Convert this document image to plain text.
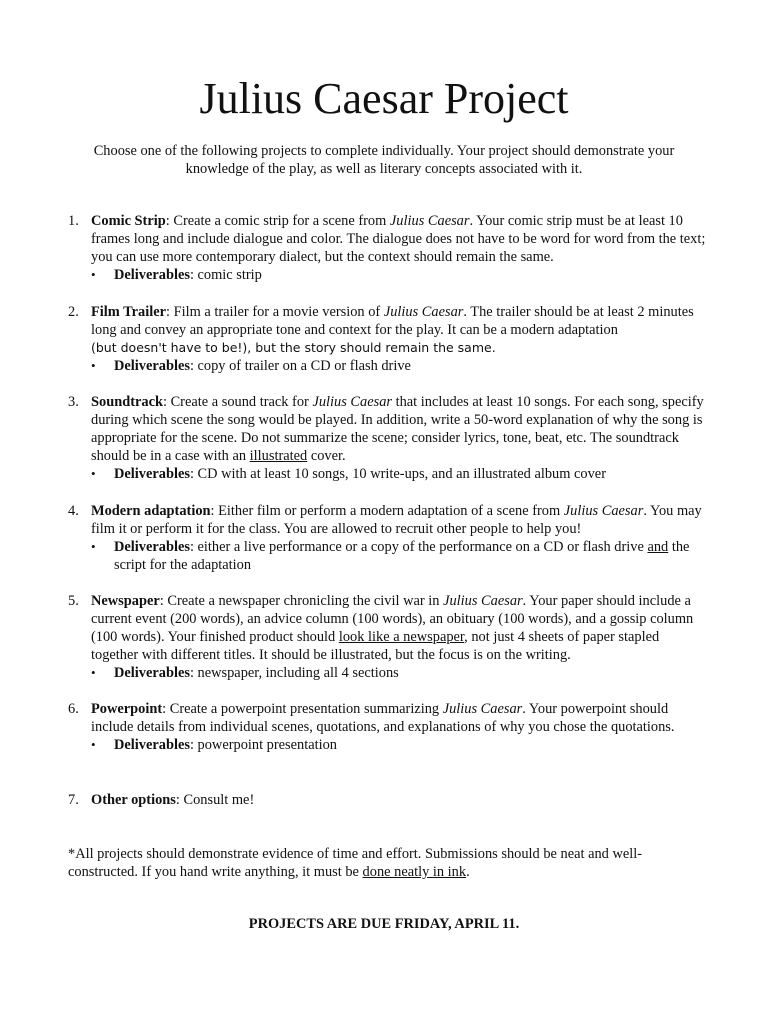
Julius Caesar Project

Choose one of the following projects to complete individually. Your project should demonstrate your knowledge of the play, as well as literary concepts associated with it.

1. Comic Strip: Create a comic strip for a scene from Julius Caesar. Your comic strip must be at least 10 frames long and include dialogue and color. The dialogue does not have to be word for word from the text; you can use more contemporary dialect, but the context should remain the same.
• Deliverables: comic strip
2. Film Trailer: Film a trailer for a movie version of Julius Caesar. The trailer should be at least 2 minutes long and convey an appropriate tone and context for the play. It can be a modern adaptation
(but doesn't have to be!), but the story should remain the same.
• Deliverables: copy of trailer on a CD or flash drive
3. Soundtrack: Create a sound track for Julius Caesar that includes at least 10 songs. For each song, specify during which scene the song would be played. In addition, write a 50-word explanation of why the song is appropriate for the scene. Do not summarize the scene; consider lyrics, tone, beat, etc. The soundtrack should be in a case with an illustrated cover.
• Deliverables: CD with at least 10 songs, 10 write-ups, and an illustrated album cover
4. Modern adaptation: Either film or perform a modern adaptation of a scene from Julius Caesar. You may film it or perform it for the class. You are allowed to recruit other people to help you!
• Deliverables: either a live performance or a copy of the performance on a CD or flash drive and the script for the adaptation
5. Newspaper: Create a newspaper chronicling the civil war in Julius Caesar. Your paper should include a current event (200 words), an advice column (100 words), an obituary (100 words), and a gossip column (100 words). Your finished product should look like a newspaper, not just 4 sheets of paper stapled together with different titles. It should be illustrated, but the focus is on the writing.
• Deliverables: newspaper, including all 4 sections
6. Powerpoint: Create a powerpoint presentation summarizing Julius Caesar. Your powerpoint should include details from individual scenes, quotations, and explanations of why you chose the quotations.
• Deliverables: powerpoint presentation
7. Other options: Consult me!

*All projects should demonstrate evidence of time and effort. Submissions should be neat and well-constructed. If you hand write anything, it must be done neatly in ink.

PROJECTS ARE DUE FRIDAY, APRIL 11.
